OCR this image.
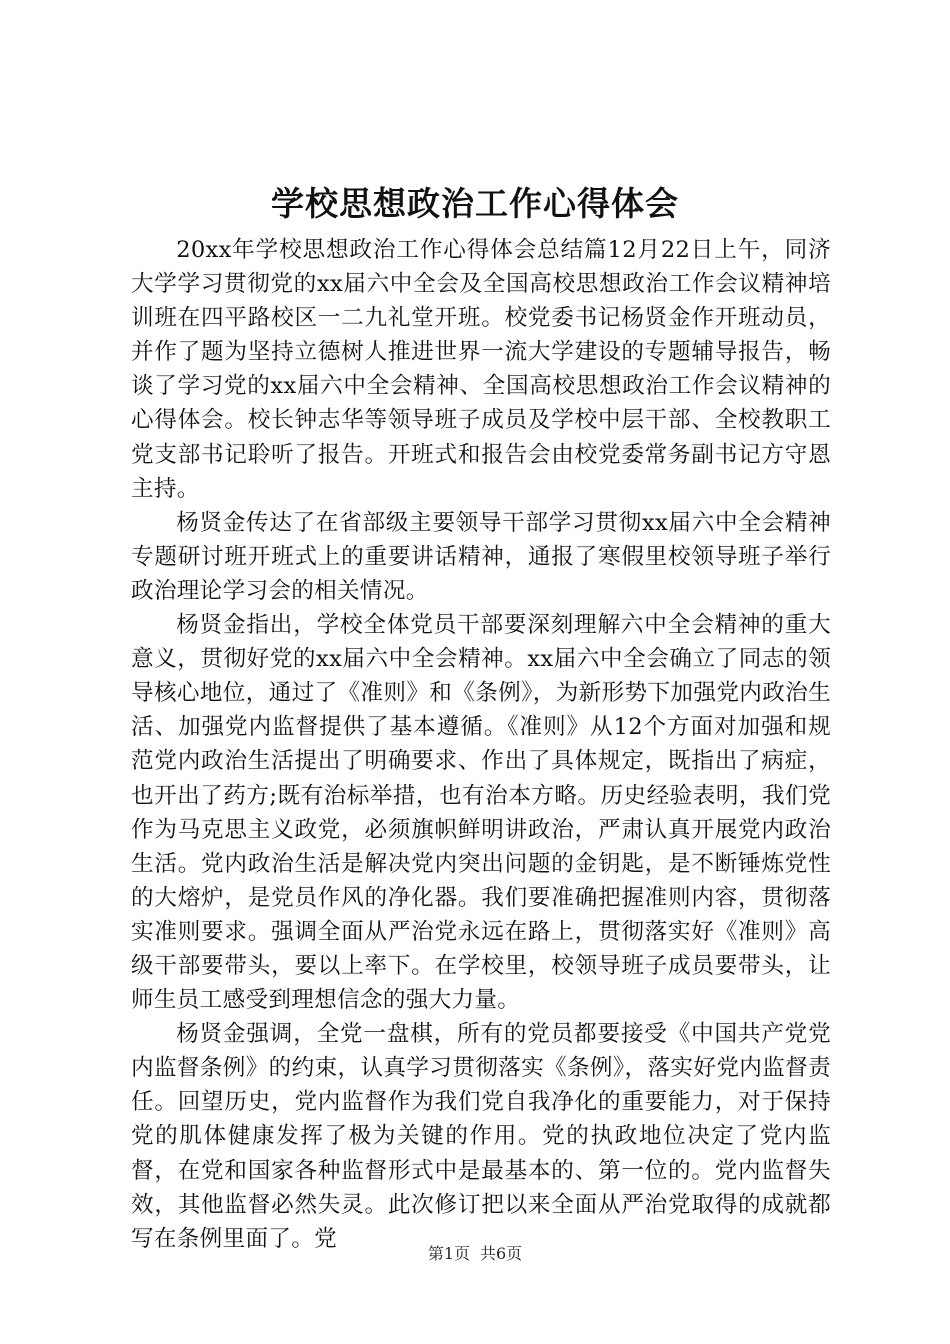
学校思想政治工作心得体会

20xx年学校思想政治工作心得体会总结篇12月22日上午，同济大学学习贯彻党的xx届六中全会及全国高校思想政治工作会议精神培训班在四平路校区一二九礼堂开班。校党委书记杨贤金作开班动员，并作了题为坚持立德树人推进世界一流大学建设的专题辅导报告，畅谈了学习党的xx届六中全会精神、全国高校思想政治工作会议精神的心得体会。校长钟志华等领导班子成员及学校中层干部、全校教职工党支部书记聆听了报告。开班式和报告会由校党委常务副书记方守恩主持。

杨贤金传达了在省部级主要领导干部学习贯彻xx届六中全会精神专题研讨班开班式上的重要讲话精神，通报了寒假里校领导班子举行政治理论学习会的相关情况。

杨贤金指出，学校全体党员干部要深刻理解六中全会精神的重大意义，贯彻好党的xx届六中全会精神。xx届六中全会确立了同志的领导核心地位，通过了《准则》和《条例》，为新形势下加强党内政治生活、加强党内监督提供了基本遵循。《准则》从12个方面对加强和规范党内政治生活提出了明确要求、作出了具体规定，既指出了病症，也开出了药方;既有治标举措，也有治本方略。历史经验表明，我们党作为马克思主义政党，必须旗帜鲜明讲政治，严肃认真开展党内政治生活。党内政治生活是解决党内突出问题的金钥匙，是不断锤炼党性的大熔炉，是党员作风的净化器。我们要准确把握准则内容，贯彻落实准则要求。强调全面从严治党永远在路上，贯彻落实好《准则》高级干部要带头，要以上率下。在学校里，校领导班子成员要带头，让师生员工感受到理想信念的强大力量。

杨贤金强调，全党一盘棋，所有的党员都要接受《中国共产党党内监督条例》的约束，认真学习贯彻落实《条例》，落实好党内监督责任。回望历史，党内监督作为我们党自我净化的重要能力，对于保持党的肌体健康发挥了极为关键的作用。党的执政地位决定了党内监督，在党和国家各种监督形式中是最基本的、第一位的。党内监督失效，其他监督必然失灵。此次修订把以来全面从严治党取得的成就都写在条例里面了。党

第1页 共6页
